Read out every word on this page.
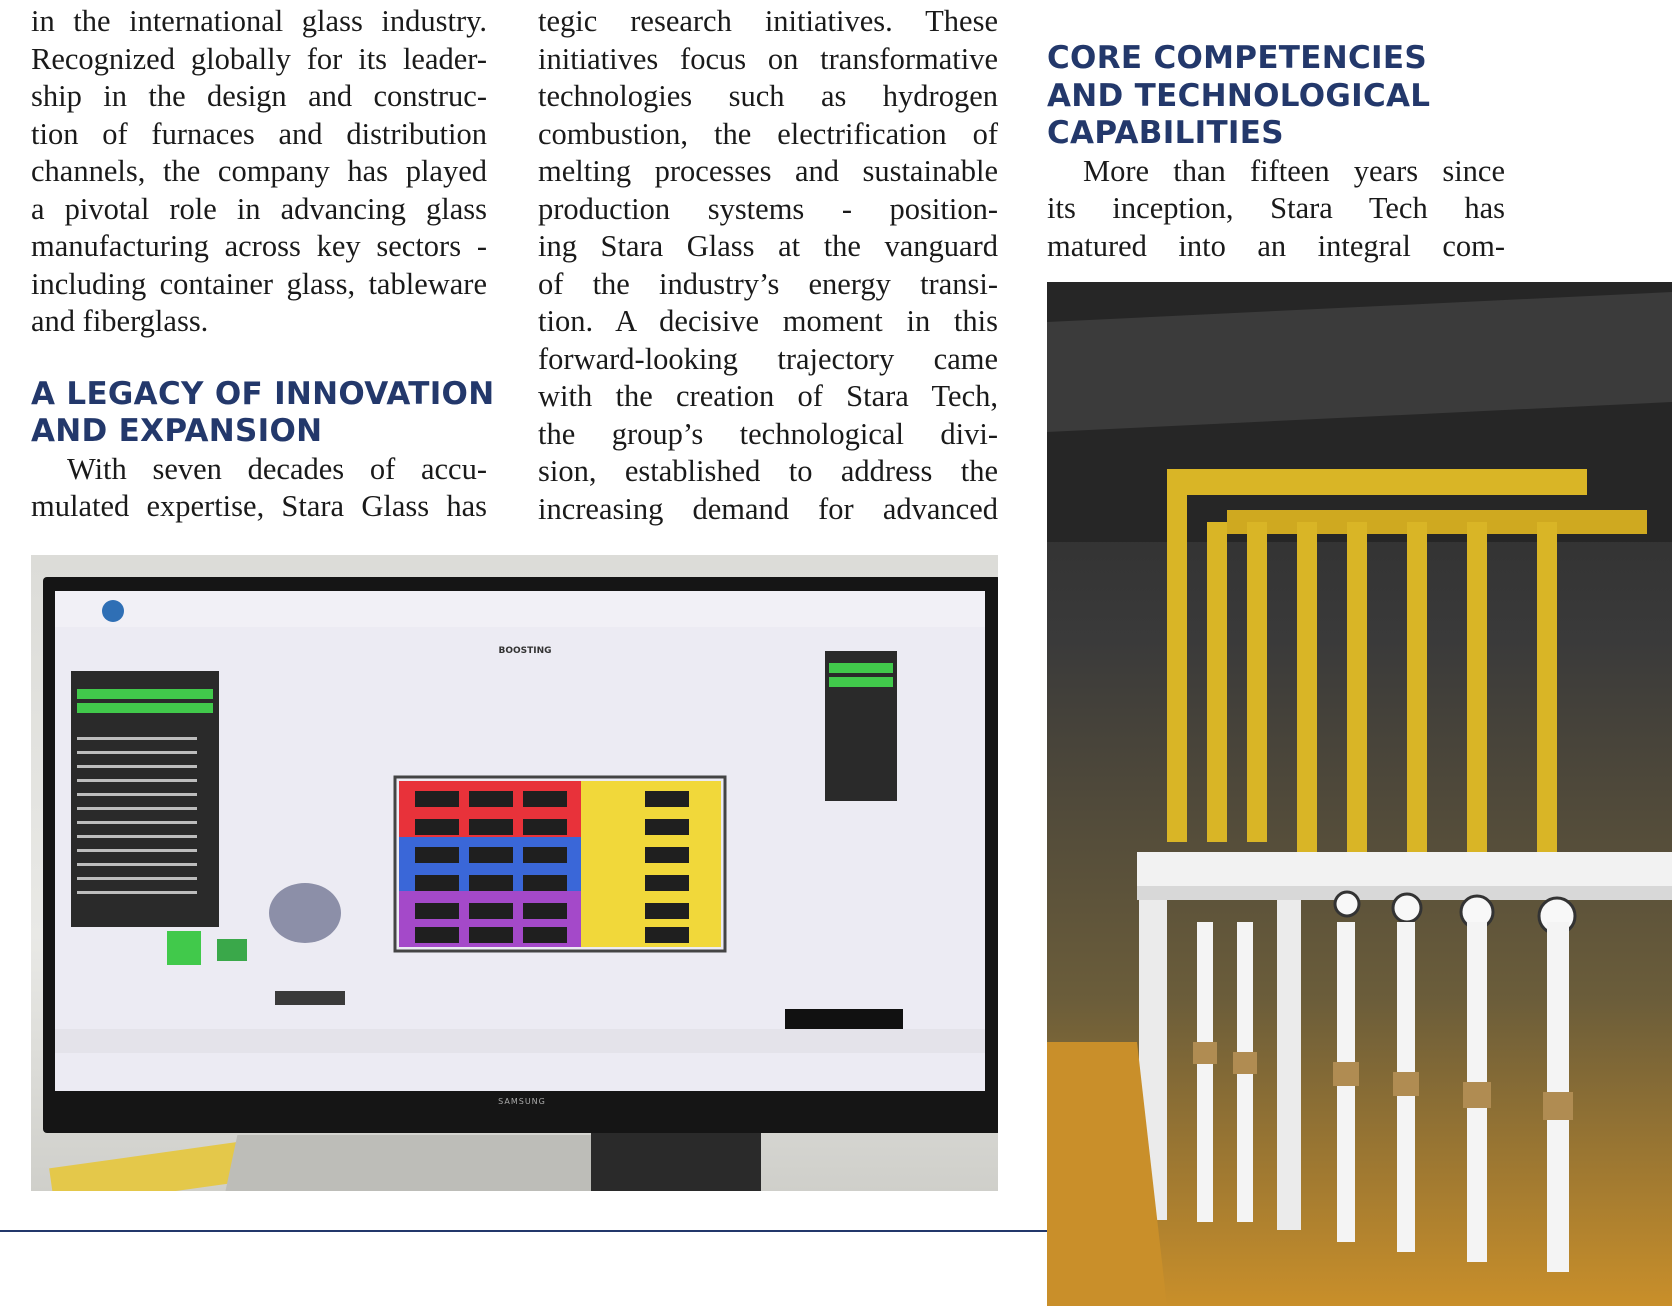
in the international glass industry.
Recognized globally for its leader-
ship in the design and construc-
tion of furnaces and distribution
channels, the company has played
a pivotal role in advancing glass
manufacturing across key sectors -
including container glass, tableware
and fiberglass.

A LEGACY OF INNOVATION
AND EXPANSION

With seven decades of accu-
mulated expertise, Stara Glass has

tegic research initiatives. These
initiatives focus on transformative
technologies such as hydrogen
combustion, the electrification of
melting processes and sustainable
production systems - position-
ing Stara Glass at the vanguard
of the industry’s energy transi-
tion. A decisive moment in this
forward-looking trajectory came
with the creation of Stara Tech,
the group’s technological divi-
sion, established to address the
increasing demand for advanced

CORE COMPETENCIES
AND TECHNOLOGICAL
CAPABILITIES

More than fifteen years since
its inception, Stara Tech has
matured into an integral com-

BOOSTING
SAMSUNG
